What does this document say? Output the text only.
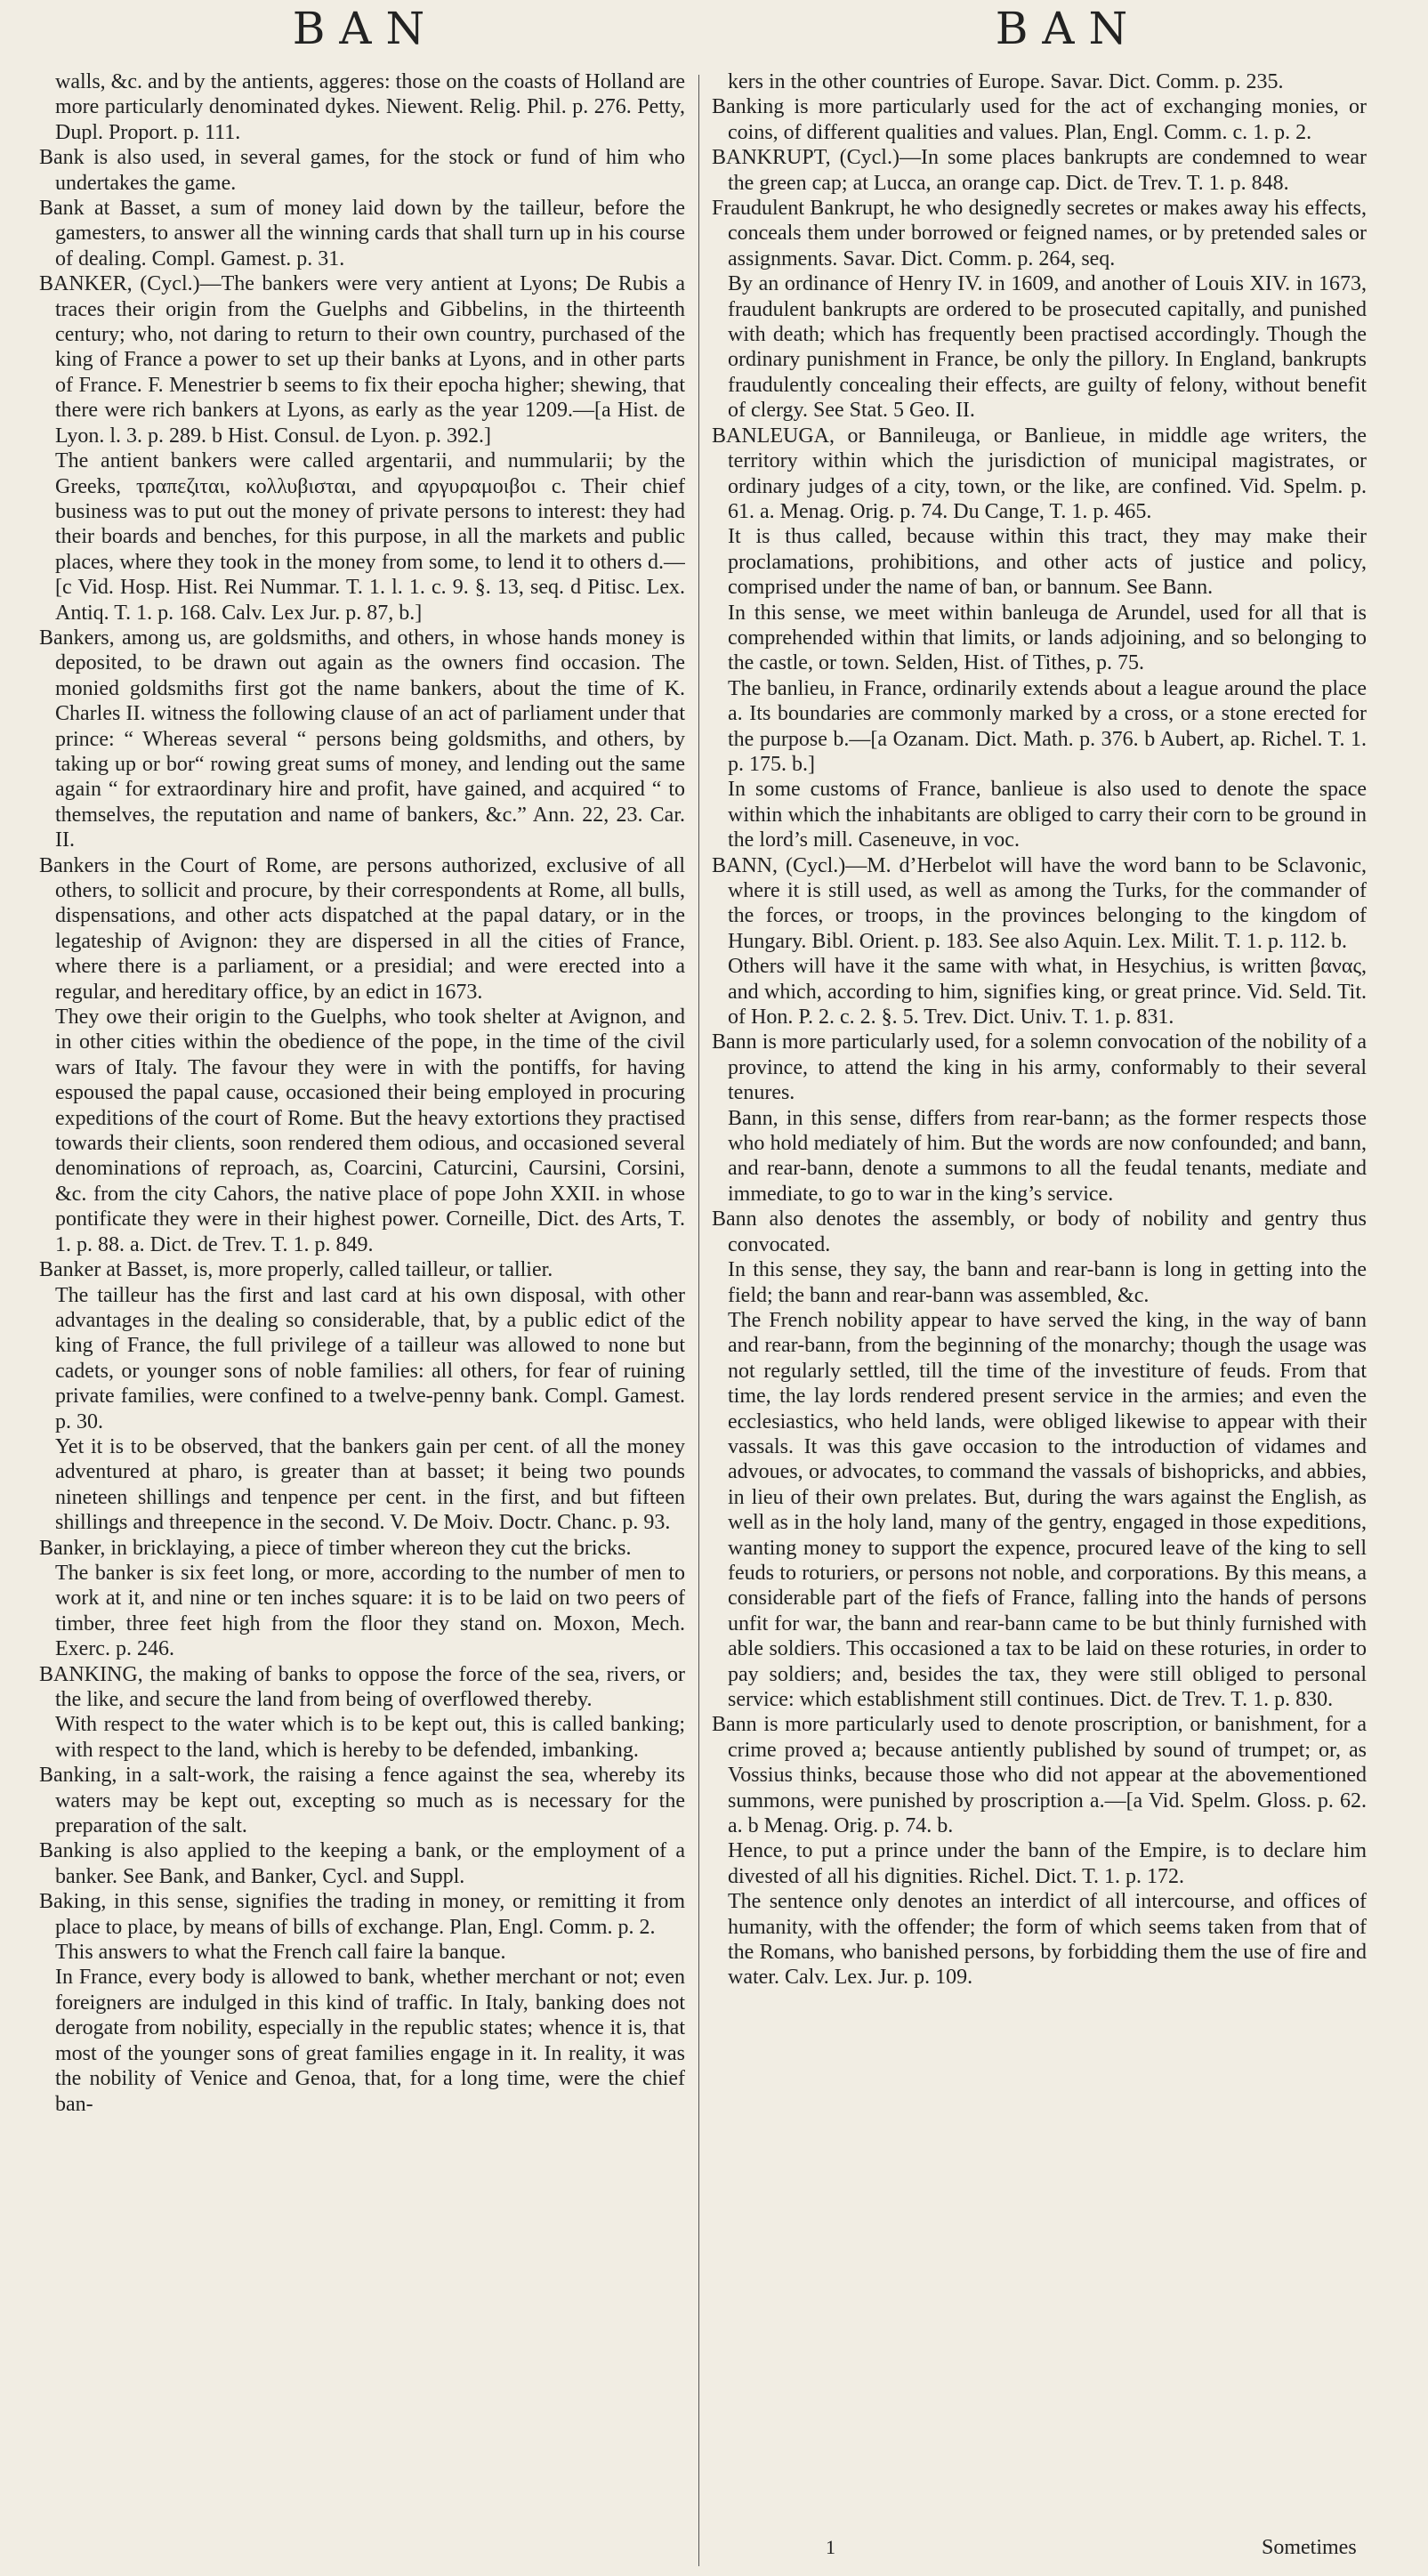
BAN	BAN

walls, &c. and by the antients, aggeres: those on the coasts of Holland are more particularly denominated dykes. Niewent. Relig. Phil. p. 276. Petty, Dupl. Proport. p. 111.

Bank is also used, in several games, for the stock or fund of him who undertakes the game.

Bank at Basset, a sum of money laid down by the tailleur, before the gamesters, to answer all the winning cards that shall turn up in his course of dealing. Compl. Gamest. p. 31.

BANKER, (Cycl.)—The bankers were very antient at Lyons; De Rubis a traces their origin from the Guelphs and Gibbelins, in the thirteenth century; who, not daring to return to their own country, purchased of the king of France a power to set up their banks at Lyons, and in other parts of France. F. Menestrier b seems to fix their epocha higher; shewing, that there were rich bankers at Lyons, as early as the year 1209.—[a Hist. de Lyon. l. 3. p. 289. b Hist. Consul. de Lyon. p. 392.]

The antient bankers were called argentarii, and nummularii; by the Greeks, τραπεζιται, κολλυβισται, and αργυραμοιβοι c. Their chief business was to put out the money of private persons to interest: they had their boards and benches, for this purpose, in all the markets and public places, where they took in the money from some, to lend it to others d.—[c Vid. Hosp. Hist. Rei Nummar. T. 1. l. 1. c. 9. §. 13, seq. d Pitisc. Lex. Antiq. T. 1. p. 168. Calv. Lex Jur. p. 87, b.]

Bankers, among us, are goldsmiths, and others, in whose hands money is deposited, to be drawn out again as the owners find occasion. The monied goldsmiths first got the name bankers, about the time of K. Charles II. witness the following clause of an act of parliament under that prince: “ Whereas several “ persons being goldsmiths, and others, by taking up or bor“ rowing great sums of money, and lending out the same again “ for extraordinary hire and profit, have gained, and acquired “ to themselves, the reputation and name of bankers, &c.” Ann. 22, 23. Car. II.

Bankers in the Court of Rome, are persons authorized, exclusive of all others, to sollicit and procure, by their correspondents at Rome, all bulls, dispensations, and other acts dispatched at the papal datary, or in the legateship of Avignon: they are dispersed in all the cities of France, where there is a parliament, or a presidial; and were erected into a regular, and hereditary office, by an edict in 1673.

They owe their origin to the Guelphs, who took shelter at Avignon, and in other cities within the obedience of the pope, in the time of the civil wars of Italy. The favour they were in with the pontiffs, for having espoused the papal cause, occasioned their being employed in procuring expeditions of the court of Rome. But the heavy extortions they practised towards their clients, soon rendered them odious, and occasioned several denominations of reproach, as, Coarcini, Caturcini, Caursini, Corsini, &c. from the city Cahors, the native place of pope John XXII. in whose pontificate they were in their highest power. Corneille, Dict. des Arts, T. 1. p. 88. a. Dict. de Trev. T. 1. p. 849.

Banker at Basset, is, more properly, called tailleur, or tallier.

The tailleur has the first and last card at his own disposal, with other advantages in the dealing so considerable, that, by a public edict of the king of France, the full privilege of a tailleur was allowed to none but cadets, or younger sons of noble families: all others, for fear of ruining private families, were confined to a twelve-penny bank. Compl. Gamest. p. 30.

Yet it is to be observed, that the bankers gain per cent. of all the money adventured at pharo, is greater than at basset; it being two pounds nineteen shillings and tenpence per cent. in the first, and but fifteen shillings and threepence in the second. V. De Moiv. Doctr. Chanc. p. 93.

Banker, in bricklaying, a piece of timber whereon they cut the bricks.

The banker is six feet long, or more, according to the number of men to work at it, and nine or ten inches square: it is to be laid on two peers of timber, three feet high from the floor they stand on. Moxon, Mech. Exerc. p. 246.

BANKING, the making of banks to oppose the force of the sea, rivers, or the like, and secure the land from being of overflowed thereby.

With respect to the water which is to be kept out, this is called banking; with respect to the land, which is hereby to be defended, imbanking.

Banking, in a salt-work, the raising a fence against the sea, whereby its waters may be kept out, excepting so much as is necessary for the preparation of the salt.

Banking is also applied to the keeping a bank, or the employment of a banker. See Bank, and Banker, Cycl. and Suppl.

Baking, in this sense, signifies the trading in money, or remitting it from place to place, by means of bills of exchange. Plan, Engl. Comm. p. 2.

This answers to what the French call faire la banque.

In France, every body is allowed to bank, whether merchant or not; even foreigners are indulged in this kind of traffic. In Italy, banking does not derogate from nobility, especially in the republic states; whence it is, that most of the younger sons of great families engage in it. In reality, it was the nobility of Venice and Genoa, that, for a long time, were the chief ban-

kers in the other countries of Europe. Savar. Dict. Comm. p. 235.

Banking is more particularly used for the act of exchanging monies, or coins, of different qualities and values. Plan, Engl. Comm. c. 1. p. 2.

BANKRUPT, (Cycl.)—In some places bankrupts are condemned to wear the green cap; at Lucca, an orange cap. Dict. de Trev. T. 1. p. 848.

Fraudulent Bankrupt, he who designedly secretes or makes away his effects, conceals them under borrowed or feigned names, or by pretended sales or assignments. Savar. Dict. Comm. p. 264, seq.

By an ordinance of Henry IV. in 1609, and another of Louis XIV. in 1673, fraudulent bankrupts are ordered to be prosecuted capitally, and punished with death; which has frequently been practised accordingly. Though the ordinary punishment in France, be only the pillory. In England, bankrupts fraudulently concealing their effects, are guilty of felony, without benefit of clergy. See Stat. 5 Geo. II.

BANLEUGA, or Bannileuga, or Banlieue, in middle age writers, the territory within which the jurisdiction of municipal magistrates, or ordinary judges of a city, town, or the like, are confined. Vid. Spelm. p. 61. a. Menag. Orig. p. 74. Du Cange, T. 1. p. 465.

It is thus called, because within this tract, they may make their proclamations, prohibitions, and other acts of justice and policy, comprised under the name of ban, or bannum. See Bann.

In this sense, we meet within banleuga de Arundel, used for all that is comprehended within that limits, or lands adjoining, and so belonging to the castle, or town. Selden, Hist. of Tithes, p. 75.

The banlieu, in France, ordinarily extends about a league around the place a. Its boundaries are commonly marked by a cross, or a stone erected for the purpose b.—[a Ozanam. Dict. Math. p. 376. b Aubert, ap. Richel. T. 1. p. 175. b.]

In some customs of France, banlieue is also used to denote the space within which the inhabitants are obliged to carry their corn to be ground in the lord’s mill. Caseneuve, in voc.

BANN, (Cycl.)—M. d’Herbelot will have the word bann to be Sclavonic, where it is still used, as well as among the Turks, for the commander of the forces, or troops, in the provinces belonging to the kingdom of Hungary. Bibl. Orient. p. 183. See also Aquin. Lex. Milit. T. 1. p. 112. b.

Others will have it the same with what, in Hesychius, is written βανας, and which, according to him, signifies king, or great prince. Vid. Seld. Tit. of Hon. P. 2. c. 2. §. 5. Trev. Dict. Univ. T. 1. p. 831.

Bann is more particularly used, for a solemn convocation of the nobility of a province, to attend the king in his army, conformably to their several tenures.

Bann, in this sense, differs from rear-bann; as the former respects those who hold mediately of him. But the words are now confounded; and bann, and rear-bann, denote a summons to all the feudal tenants, mediate and immediate, to go to war in the king’s service.

Bann also denotes the assembly, or body of nobility and gentry thus convocated.

In this sense, they say, the bann and rear-bann is long in getting into the field; the bann and rear-bann was assembled, &c.

The French nobility appear to have served the king, in the way of bann and rear-bann, from the beginning of the monarchy; though the usage was not regularly settled, till the time of the investiture of feuds. From that time, the lay lords rendered present service in the armies; and even the ecclesiastics, who held lands, were obliged likewise to appear with their vassals. It was this gave occasion to the introduction of vidames and advoues, or advocates, to command the vassals of bishopricks, and abbies, in lieu of their own prelates. But, during the wars against the English, as well as in the holy land, many of the gentry, engaged in those expeditions, wanting money to support the expence, procured leave of the king to sell feuds to roturiers, or persons not noble, and corporations. By this means, a considerable part of the fiefs of France, falling into the hands of persons unfit for war, the bann and rear-bann came to be but thinly furnished with able soldiers. This occasioned a tax to be laid on these roturies, in order to pay soldiers; and, besides the tax, they were still obliged to personal service: which establishment still continues. Dict. de Trev. T. 1. p. 830.

Bann is more particularly used to denote proscription, or banishment, for a crime proved a; because antiently published by sound of trumpet; or, as Vossius thinks, because those who did not appear at the abovementioned summons, were punished by proscription a.—[a Vid. Spelm. Gloss. p. 62. a. b Menag. Orig. p. 74. b.

Hence, to put a prince under the bann of the Empire, is to declare him divested of all his dignities. Richel. Dict. T. 1. p. 172.

The sentence only denotes an interdict of all intercourse, and offices of humanity, with the offender; the form of which seems taken from that of the Romans, who banished persons, by forbidding them the use of fire and water. Calv. Lex. Jur. p. 109.

1	Sometimes
